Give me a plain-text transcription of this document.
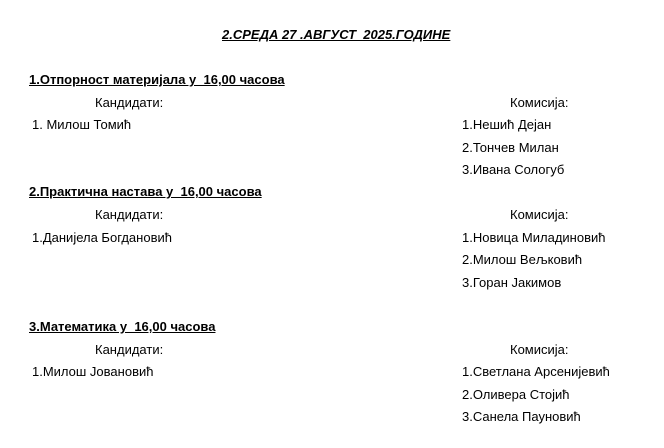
2.СРЕДА 27 .АВГУСТ  2025.ГОДИНЕ
1.Отпорност материјала у  16,00 часова
Кандидати:	Комисија:
1. Милош Томић	1.Нешић Дејан
2.Тончев Милан
3.Ивана Сологуб
2.Практична настава у  16,00 часова
Кандидати:	Комисија:
1.Данијела Богдановић	1.Новица Миладиновић
2.Милош Вељковић
3.Горан Јакимов
3.Математика у  16,00 часова
Кандидати:	Комисија:
1.Милош Јовановић	1.Светлана Арсенијевић
2.Оливера Стојић
3.Санела Пауновић
